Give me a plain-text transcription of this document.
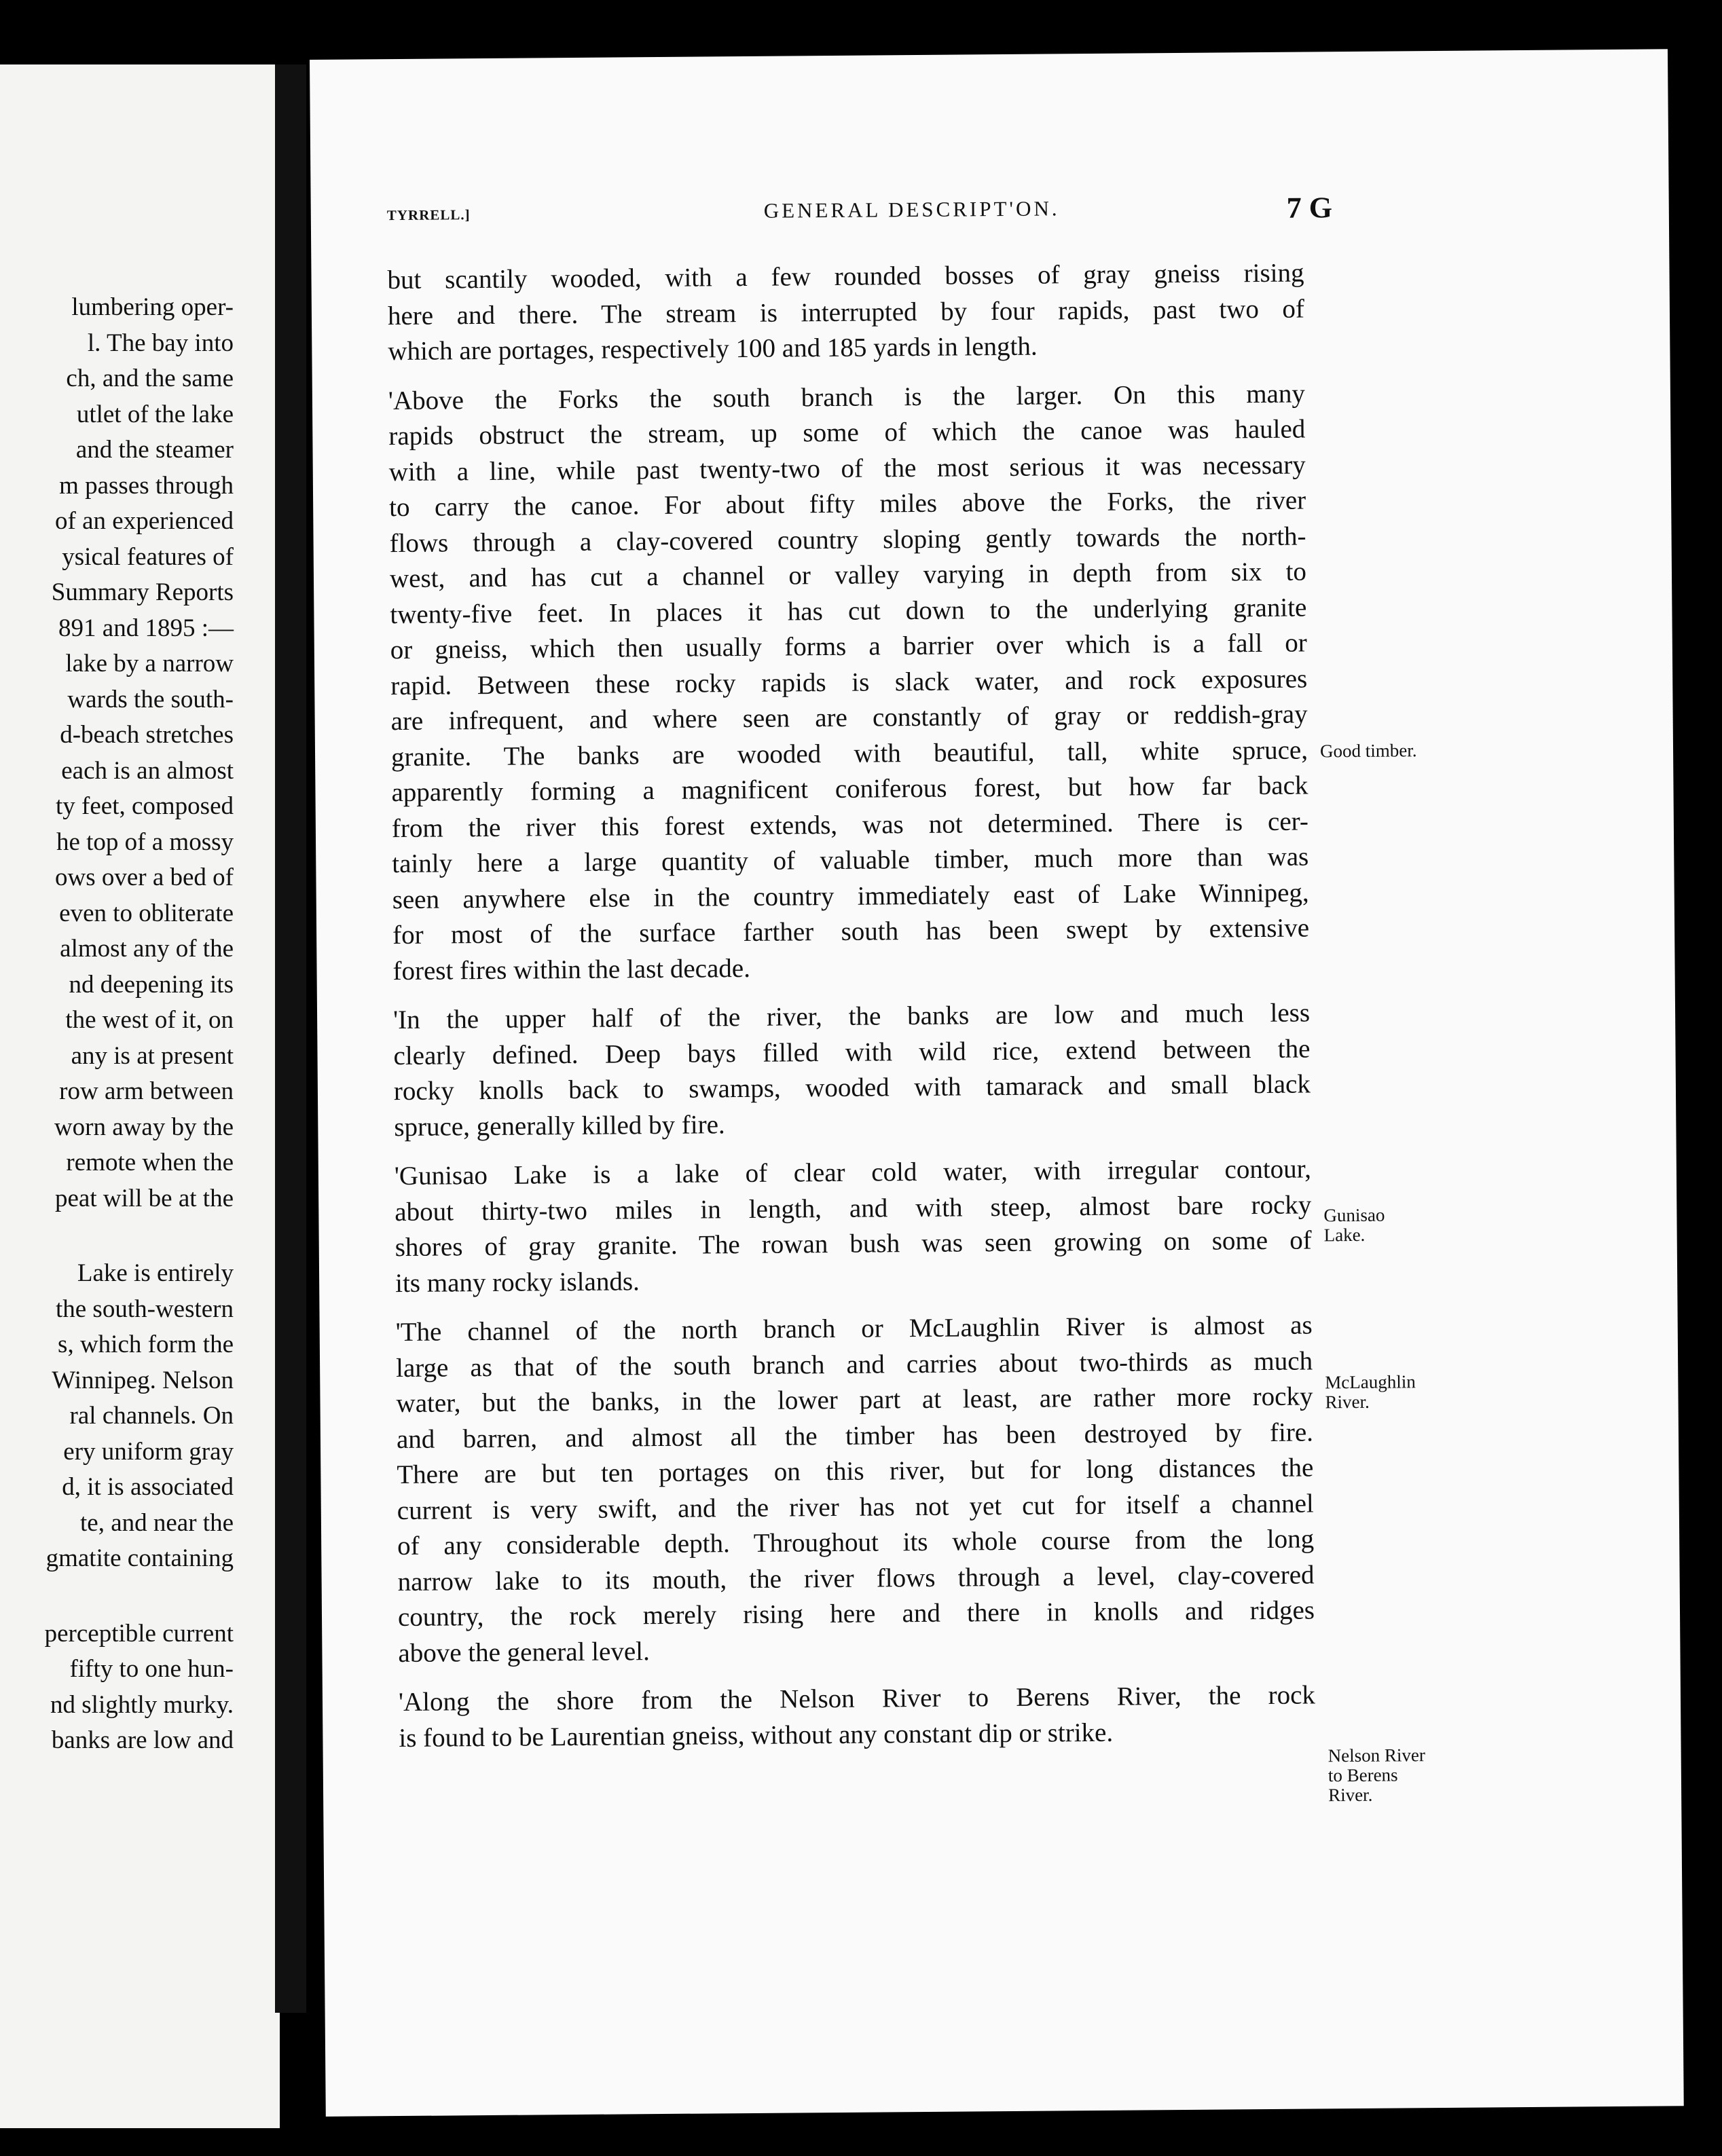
lumbering oper-
l. The bay into
ch, and the same
utlet of the lake
and the steamer
m passes through
of an experienced
ysical features of
Summary Reports
891 and 1895 :—
lake by a narrow
wards the south-
d-beach stretches
each is an almost
ty feet, composed
he top of a mossy
ows over a bed of
even to obliterate
almost any of the
nd deepening its
the west of it, on
any is at present
row arm between
worn away by the
remote when the
peat will be at the
Lake is entirely
the south-western
s, which form the
Winnipeg. Nelson
ral channels. On
ery uniform gray
d, it is associated
te, and near the
gmatite containing
perceptible current
fifty to one hun-
nd slightly murky.
banks are low and
TYRRELL.]	GENERAL DESCRIPT'ON.	7 G
but scantily wooded, with a few rounded bosses of gray gneiss rising
here and there. The stream is interrupted by four rapids, past two of
which are portages, respectively 100 and 185 yards in length.
'Above the Forks the south branch is the larger. On this many
rapids obstruct the stream, up some of which the canoe was hauled
with a line, while past twenty-two of the most serious it was necessary
to carry the canoe. For about fifty miles above the Forks, the river
flows through a clay-covered country sloping gently towards the north-
west, and has cut a channel or valley varying in depth from six to
twenty-five feet. In places it has cut down to the underlying granite
or gneiss, which then usually forms a barrier over which is a fall or
rapid. Between these rocky rapids is slack water, and rock exposures
are infrequent, and where seen are constantly of gray or reddish-gray
granite. The banks are wooded with beautiful, tall, white spruce,
apparently forming a magnificent coniferous forest, but how far back
from the river this forest extends, was not determined. There is cer-
tainly here a large quantity of valuable timber, much more than was
seen anywhere else in the country immediately east of Lake Winnipeg,
for most of the surface farther south has been swept by extensive
forest fires within the last decade.
'In the upper half of the river, the banks are low and much less
clearly defined. Deep bays filled with wild rice, extend between the
rocky knolls back to swamps, wooded with tamarack and small black
spruce, generally killed by fire.
'Gunisao Lake is a lake of clear cold water, with irregular contour,
about thirty-two miles in length, and with steep, almost bare rocky
shores of gray granite. The rowan bush was seen growing on some of
its many rocky islands.
'The channel of the north branch or McLaughlin River is almost as
large as that of the south branch and carries about two-thirds as much
water, but the banks, in the lower part at least, are rather more rocky
and barren, and almost all the timber has been destroyed by fire.
There are but ten portages on this river, but for long distances the
current is very swift, and the river has not yet cut for itself a channel
of any considerable depth. Throughout its whole course from the long
narrow lake to its mouth, the river flows through a level, clay-covered
country, the rock merely rising here and there in knolls and ridges
above the general level.
'Along the shore from the Nelson River to Berens River, the rock
is found to be Laurentian gneiss, without any constant dip or strike.
Good timber.
Gunisao
Lake.
McLaughlin
River.
Nelson River
to Berens
River.
